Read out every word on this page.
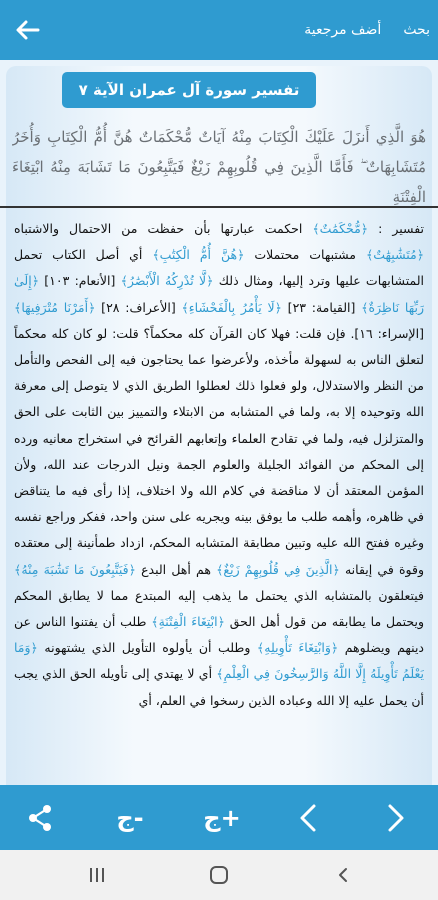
أضف مرجعية بحث
تفسير سورة آل عمران الآية ٧
هُوَ الَّذِي أَنزَلَ عَلَيْكَ الْكِتَابَ مِنْهُ آيَاتٌ مُّحْكَمَاتٌ هُنَّ أُمُّ الْكِتَابِ وَأُخَرُ مُتَشَابِهَاتٌ ۖ فَأَمَّا الَّذِينَ فِي قُلُوبِهِمْ زَيْغٌ فَيَتَّبِعُونَ مَا تَشَابَهَ مِنْهُ ابْتِغَاءَ الْفِتْنَةِ

تفسير : ﴿مُّحْكَمَٰتٌ﴾ احكمت عبارتها بأن حفظت من الاحتمال والاشتباه ﴿مُتَشَٰبِهَٰتٌ﴾ مشتبهات محتملات ﴿هُنَّ أُمُّ الْكِتَٰبِ﴾ أي أصل الكتاب تحمل المتشابهات عليها وترد إليها، ومثال ذلك ﴿لَّا تُدْرِكُهُ الْأَبْصَٰرُ﴾ [الأنعام: ١٠٣] ﴿إِلَىٰ رَبِّهَا نَاظِرَةٌ﴾ [القيامة: ٢٣] ﴿لَا يَأْمُرُ بِالْفَحْشَاءِ﴾ [الأعراف: ٢٨] ﴿أَمَرْنَا مُتْرَفِيهَا﴾ [الإسراء: ١٦]. فإن قلت: فهلا كان القرآن كله محكماً؟ قلت: لو كان كله محكماً لتعلق الناس به لسهولة مأخذه، ولأعرضوا عما يحتاجون فيه إلى الفحص والتأمل من النظر والاستدلال، ولو فعلوا ذلك لعطلوا الطريق الذي لا يتوصل إلى معرفة الله وتوحيده إلا به، ولما في المتشابه من الابتلاء والتمييز بين الثابت على الحق والمتزلزل فيه، ولما في تقادح العلماء وإتعابهم القرائح في استخراج معانيه ورده إلى المحكم من الفوائد الجليلة والعلوم الجمة ونيل الدرجات عند الله، ولأن المؤمن المعتقد أن لا مناقضة في كلام الله ولا اختلاف، إذا رأى فيه ما يتناقض في ظاهره، وأهمه طلب ما يوفق بينه ويجريه على سنن واحد، ففكر وراجع نفسه وغيره ففتح الله عليه وتبين مطابقة المتشابه المحكم، ازداد طمأنينة إلى معتقده وقوة في إيقانه ﴿الَّذِينَ فِي قُلُوبِهِمْ زَيْغٌ﴾ هم أهل البدع ﴿فَيَتَّبِعُونَ مَا تَشَٰبَهَ مِنْهُ﴾ فيتعلقون بالمتشابه الذي يحتمل ما يذهب إليه المبتدع مما لا يطابق المحكم ويحتمل ما يطابقه من قول أهل الحق ﴿ابْتِغَاءَ الْفِتْنَةِ﴾ طلب أن يفتنوا الناس عن دينهم ويضلوهم ﴿وَابْتِغَاءَ تَأْوِيلِهِ﴾ وطلب أن يأولوه التأويل الذي يشتهونه ﴿وَمَا يَعْلَمُ تَأْوِيلَهُ إِلَّا اللَّهُ وَالرَّٰسِخُونَ فِي الْعِلْمِ﴾ أي لا يهتدي إلى تأويله الحق الذي يجب أن يحمل عليه إلا الله وعباده الذين رسخوا في العلم، أي

ج-	ج+
